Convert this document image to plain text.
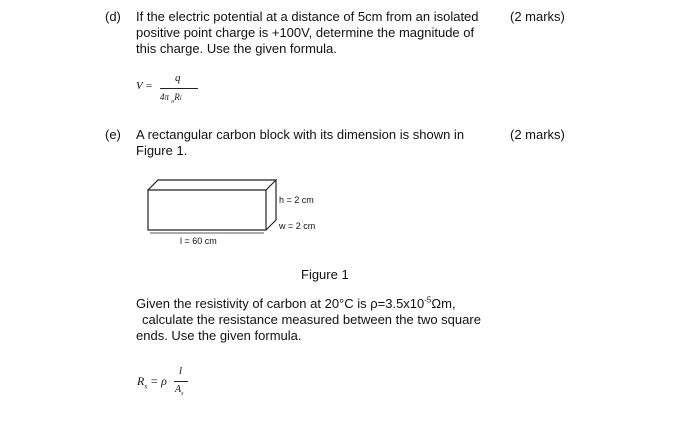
(d) If the electric potential at a distance of 5cm from an isolated
positive point charge is +100V, determine the magnitude of
this charge. Use the given formula.
(2 marks)
V =
q
4π $_o$Ri
(e) A rectangular carbon block with its dimension is shown in
Figure 1.
(2 marks)
h = 2 cm
w = 2 cm
l = 60 cm
Figure 1
Given the resistivity of carbon at 20°C is $\rho=3.5x10^{-5}\Omega m$,
calculate the resistance measured between the two square
ends. Use the given formula.
$R_s = \rho$
l
$A_s$
